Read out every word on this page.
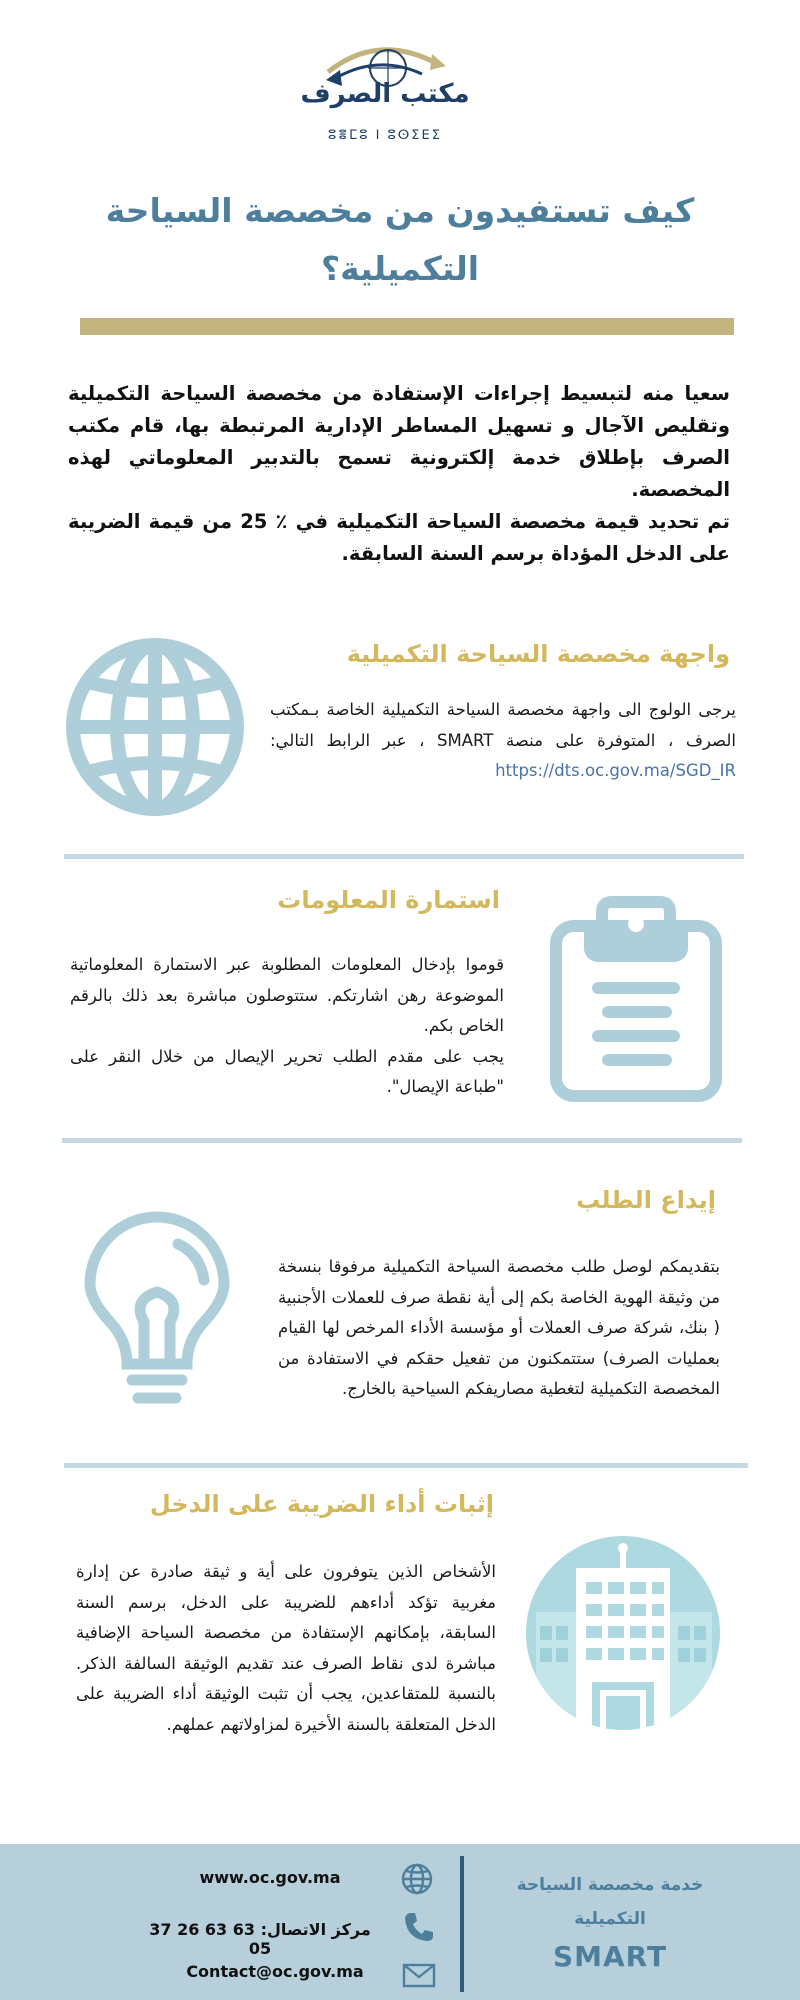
مكتب الصرف
ⵓⴻⵎⵓ ⵏ ⵓⵙⵉⴹⵉ
كيف تستفيدون من مخصصة السياحة التكميلية؟

سعيا منه لتبسيط إجراءات الإستفادة من مخصصة السياحة التكميلية وتقليص الآجال و تسهيل المساطر الإدارية المرتبطة بها، قام مكتب الصرف بإطلاق خدمة إلكترونية تسمح بالتدبير المعلوماتي لهذه المخصصة.

تم تحديد قيمة مخصصة السياحة التكميلية في ٪ 25 من قيمة الضريبة على الدخل المؤداة برسم السنة السابقة.

واجهة مخصصة السياحة التكميلية
يرجى الولوج الى واجهة مخصصة السياحة التكميلية الخاصة بـمكتب الصرف ، المتوفرة على منصة SMART ، عبر الرابط التالي: https://dts.oc.gov.ma/SGD_IR
استمارة المعلومات

قوموا بإدخال المعلومات المطلوبة عبر الاستمارة المعلوماتية الموضوعة رهن اشارتكم. ستتوصلون مباشرة بعد ذلك بالرقم الخاص بكم.

يجب على مقدم الطلب تحرير الإيصال من خلال النقر على "طباعة الإيصال".

إيداع الطلب
بتقديمكم لوصل طلب مخصصة السياحة التكميلية مرفوقا بنسخة من وثيقة الهوية الخاصة بكم إلى أية نقطة صرف للعملات الأجنبية ( بنك، شركة صرف العملات أو مؤسسة الأداء المرخص لها القيام بعمليات الصرف) ستتمكنون من تفعيل حقكم في الاستفادة من المخصصة التكميلية لتغطية مصاريفكم السياحية بالخارج.
إثبات أداء الضريبة على الدخل
الأشخاص الذين يتوفرون على أية و ثيقة صادرة عن إدارة مغربية تؤكد أداءهم للضريبة على الدخل، برسم السنة السابقة، بإمكانهم الإستفادة من مخصصة السياحة الإضافية مباشرة لدى نقاط الصرف عند تقديم الوثيقة السالفة الذكر. بالنسبة للمتقاعدين، يجب أن تثبت الوثيقة أداء الضريبة على الدخل المتعلقة بالسنة الأخيرة لمزاولاتهم عملهم.
خدمة مخصصة السياحة
التكميلية
SMART
www.oc.gov.ma
مركز الاتصال: 63 63 26 37 05
Contact@oc.gov.ma
